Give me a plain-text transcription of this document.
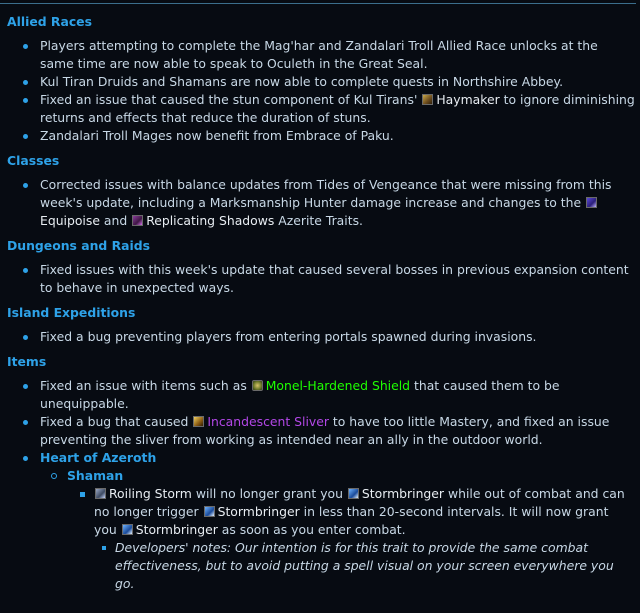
Allied Races
Players attempting to complete the Mag'har and Zandalari Troll Allied Race unlocks at the same time are now able to speak to Oculeth in the Great Seal.
Kul Tiran Druids and Shamans are now able to complete quests in Northshire Abbey.
Fixed an issue that caused the stun component of Kul Tirans' Haymaker to ignore diminishing returns and effects that reduce the duration of stuns.
Zandalari Troll Mages now benefit from Embrace of Paku.
Classes
Corrected issues with balance updates from Tides of Vengeance that were missing from this week's update, including a Marksmanship Hunter damage increase and changes to the Equipoise and Replicating Shadows Azerite Traits.
Dungeons and Raids
Fixed issues with this week's update that caused several bosses in previous expansion content to behave in unexpected ways.
Island Expeditions
Fixed a bug preventing players from entering portals spawned during invasions.
Items
Fixed an issue with items such as Monel-Hardened Shield that caused them to be unequippable.
Fixed a bug that caused Incandescent Sliver to have too little Mastery, and fixed an issue preventing the sliver from working as intended near an ally in the outdoor world.
Heart of Azeroth
Shaman
Roiling Storm will no longer grant you Stormbringer while out of combat and can no longer trigger Stormbringer in less than 20-second intervals. It will now grant you Stormbringer as soon as you enter combat.
Developers' notes: Our intention is for this trait to provide the same combat effectiveness, but to avoid putting a spell visual on your screen everywhere you go.
